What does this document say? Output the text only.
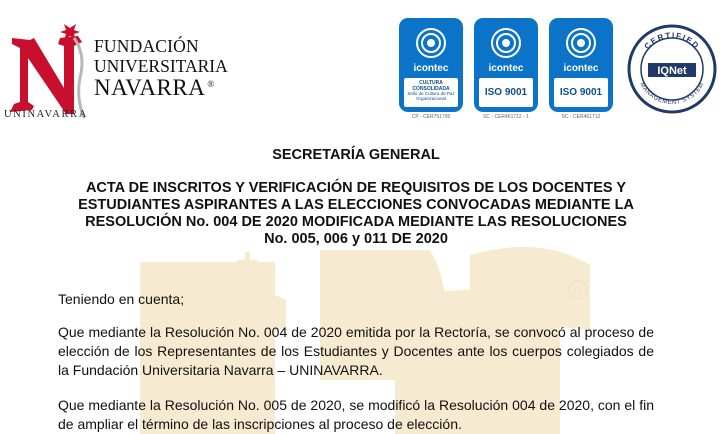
R
FUNDACIÓN
UNIVERSITARIA
NAVARRA ®
UNINAVARRA
icontec
CULTURA CONSOLIDADA
Sello de Cultura de Paz Organizacional
CP - CER751795
icontec
ISO 9001
SC - CER461712 - 1
icontec
ISO 9001
SC - CER461712
CERTIFIED
MANAGEMENT SYSTEM
IQNet
SECRETARÍA GENERAL
ACTA DE INSCRITOS Y VERIFICACIÓN DE REQUISITOS DE LOS DOCENTES Y
ESTUDIANTES ASPIRANTES A LAS ELECCIONES CONVOCADAS MEDIANTE LA
RESOLUCIÓN No. 004 DE 2020 MODIFICADA MEDIANTE LAS RESOLUCIONES
No. 005, 006 y 011 DE 2020
Teniendo en cuenta;
Que mediante la Resolución No. 004 de 2020 emitida por la Rectoría, se convocó al proceso de elección de los Representantes de los Estudiantes y Docentes ante los cuerpos colegiados de la Fundación Universitaria Navarra – UNINAVARRA.
Que mediante la Resolución No. 005 de 2020, se modificó la Resolución 004 de 2020, con el fin de ampliar el término de las inscripciones al proceso de elección.
